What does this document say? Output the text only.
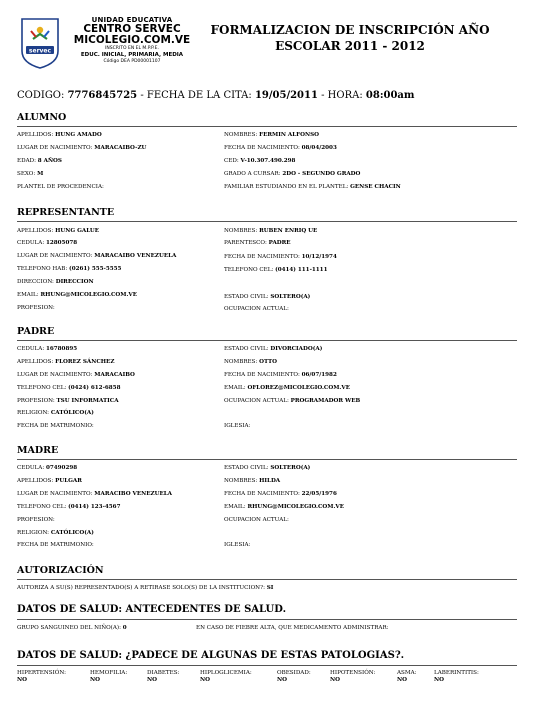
servec
UNIDAD EDUCATIVA
CENTRO SERVEC
MICOLEGIO.COM.VE
INSCRITO EN EL M.P.P.E.
EDUC. INICIAL, PRIMARIA, MEDIA
Código DEA PD00001107
FORMALIZACION DE INSCRIPCIÓN AÑO
ESCOLAR 2011 - 2012
CODIGO: 7776845725 - FECHA DE LA CITA: 19/05/2011 - HORA: 08:00am
ALUMNO
APELLIDOS: HUNG AMADO	NOMBRES: FERMIN ALFONSO
LUGAR DE NACIMIENTO: MARACAIBO-ZU	FECHA DE NACIMIENTO: 08/04/2003
EDAD: 8 AÑOS	CED: V-10.307.490.298
SEXO: M	GRADO A CURSAR: 2DO - SEGUNDO GRADO
PLANTEL DE PROCEDENCIA:	FAMILIAR ESTUDIANDO EN EL PLANTEL: GENSE CHACIN
REPRESENTANTE
APELLIDOS: HUNG GALUE	NOMBRES: RUBEN ENRIQ UE
CEDULA: 12805078	PARENTESCO: PADRE
LUGAR DE NACIMIENTO: MARACAIBO VENEZUELA	FECHA DE NACIMIENTO: 10/12/1974
TELEFONO HAB: (0261) 555-5555	TELEFONO CEL: (0414) 111-1111
DIRECCION: DIRECCION
EMAIL: RHUNG@MICOLEGIO.COM.VE	ESTADO CIVIL: SOLTERO(A)
PROFESION:	OCUPACION ACTUAL:
PADRE
CEDULA: 16780895	ESTADO CIVIL: DIVORCIADO(A)
APELLIDOS: FLOREZ SÁNCHEZ	NOMBRES: OTTO
LUGAR DE NACIMIENTO: MARACAIBO	FECHA DE NACIMIENTO: 06/07/1982
TELEFONO CEL: (0424) 612-6858	EMAIL: OFLOREZ@MICOLEGIO.COM.VE
PROFESION: TSU INFORMATICA	OCUPACION ACTUAL: PROGRAMADOR WEB
RELIGION: CATÓLICO(A)
FECHA DE MATRIMONIO:	IGLESIA:
MADRE
CEDULA: 07490298	ESTADO CIVIL: SOLTERO(A)
APELLIDOS: PULGAR	NOMBRES: HILDA
LUGAR DE NACIMIENTO: MARACIBO VENEZUELA	FECHA DE NACIMIENTO: 22/05/1976
TELEFONO CEL: (0414) 123-4567	EMAIL: RHUNG@MICOLEGIO.COM.VE
PROFESION:	OCUPACION ACTUAL:
RELIGION: CATÓLICO(A)
FECHA DE MATRIMONIO:	IGLESIA:
AUTORIZACIÓN
AUTORIZA A SU(S) REPRESENTADO(S) A RETIRASE SOLO(S) DE LA INSTITUCION?: SI
DATOS DE SALUD: ANTECEDENTES DE SALUD.
GRUPO SANGUINEO DEL NIÑO(A): 0	EN CASO DE FIEBRE ALTA, QUE MEDICAMENTO ADMINISTRAR:
DATOS DE SALUD: ¿PADECE DE ALGUNAS DE ESTAS PATOLOGIAS?.
HIPERTENSIÓN:
NO
HEMOFILIA:
NO
DIABETES:
NO
HIPLOGLICEMIA:
NO
OBESIDAD:
NO
HIPOTENSIÓN:
NO
ASMA:
NO
LABERINTITIS:
NO
